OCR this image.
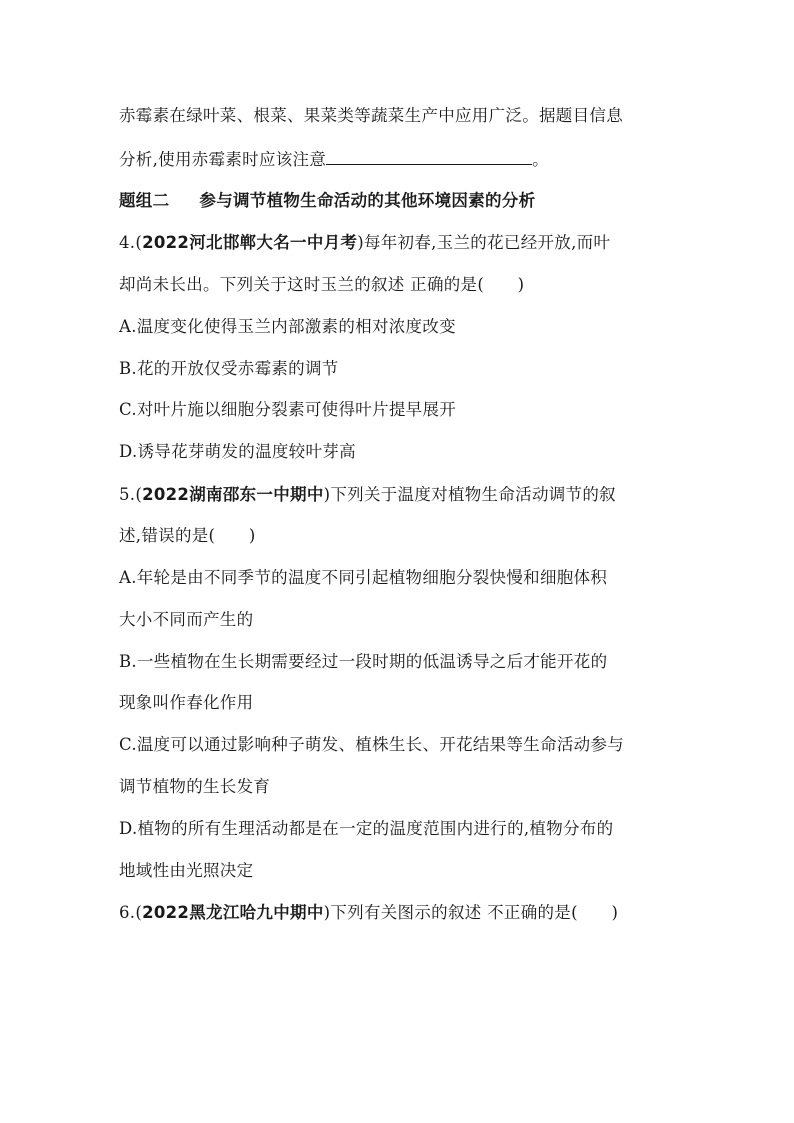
赤霉素在绿叶菜、根菜、果菜类等蔬菜生产中应用广泛。据题目信息
分析,使用赤霉素时应该注意	。
题组二 参与调节植物生命活动的其他环境因素的分析
4.(2022河北邯郸大名一中月考)每年初春,玉兰的花已经开放,而叶
却尚未长出。下列关于这时玉兰的叙述 正确的是(　　)
A.温度变化使得玉兰内部激素的相对浓度改变
B.花的开放仅受赤霉素的调节
C.对叶片施以细胞分裂素可使得叶片提早展开
D.诱导花芽萌发的温度较叶芽高
5.(2022湖南邵东一中期中)下列关于温度对植物生命活动调节的叙
述,错误的是(　　)
A.年轮是由不同季节的温度不同引起植物细胞分裂快慢和细胞体积
大小不同而产生的
B.一些植物在生长期需要经过一段时期的低温诱导之后才能开花的
现象叫作春化作用
C.温度可以通过影响种子萌发、植株生长、开花结果等生命活动参与
调节植物的生长发育
D.植物的所有生理活动都是在一定的温度范围内进行的,植物分布的
地域性由光照决定
6.(2022黑龙江哈九中期中)下列有关图示的叙述 不正确的是(　　)
